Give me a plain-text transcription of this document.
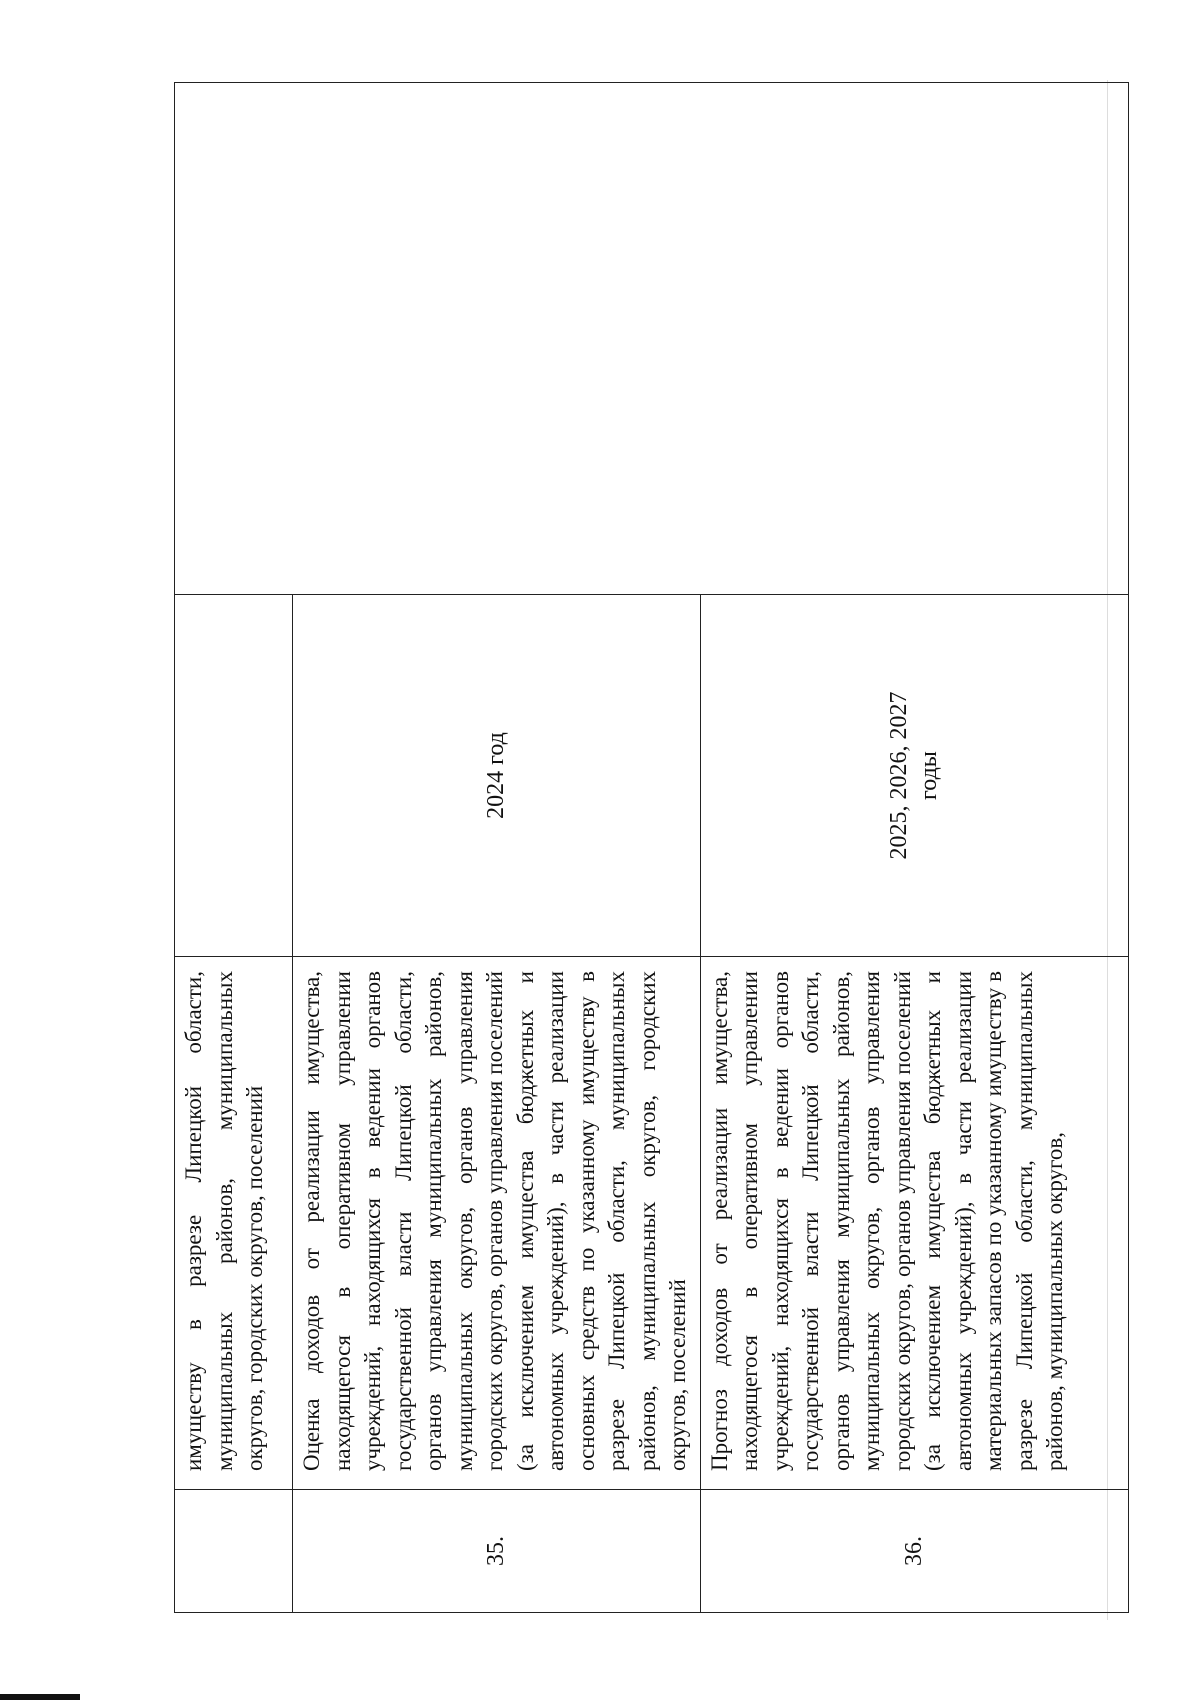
	имуществу в разрезе Липецкой области, муниципальных районов, муниципальных округов, городских округов, поселений	

35.	Оценка доходов от реализации имущества, находящегося в оперативном управлении учреждений, находящихся в ведении органов государственной власти Липецкой области, органов управления муниципальных районов, муниципальных округов, органов управления городских округов, органов управления поселений (за исключением имущества бюджетных и автономных учреждений), в части реализации основных средств по указанному имуществу в разрезе Липецкой области, муниципальных районов, муниципальных округов, городских округов, поселений	2024 год	

36.	Прогноз доходов от реализации имущества, находящегося в оперативном управлении учреждений, находящихся в ведении органов государственной власти Липецкой области, органов управления муниципальных районов, муниципальных округов, органов управления городских округов, органов управления поселений (за исключением имущества бюджетных и автономных учреждений), в части реализации материальных запасов по указанному имуществу в разрезе Липецкой области, муниципальных районов, муниципальных округов,	2025, 2026, 2027 годы	
